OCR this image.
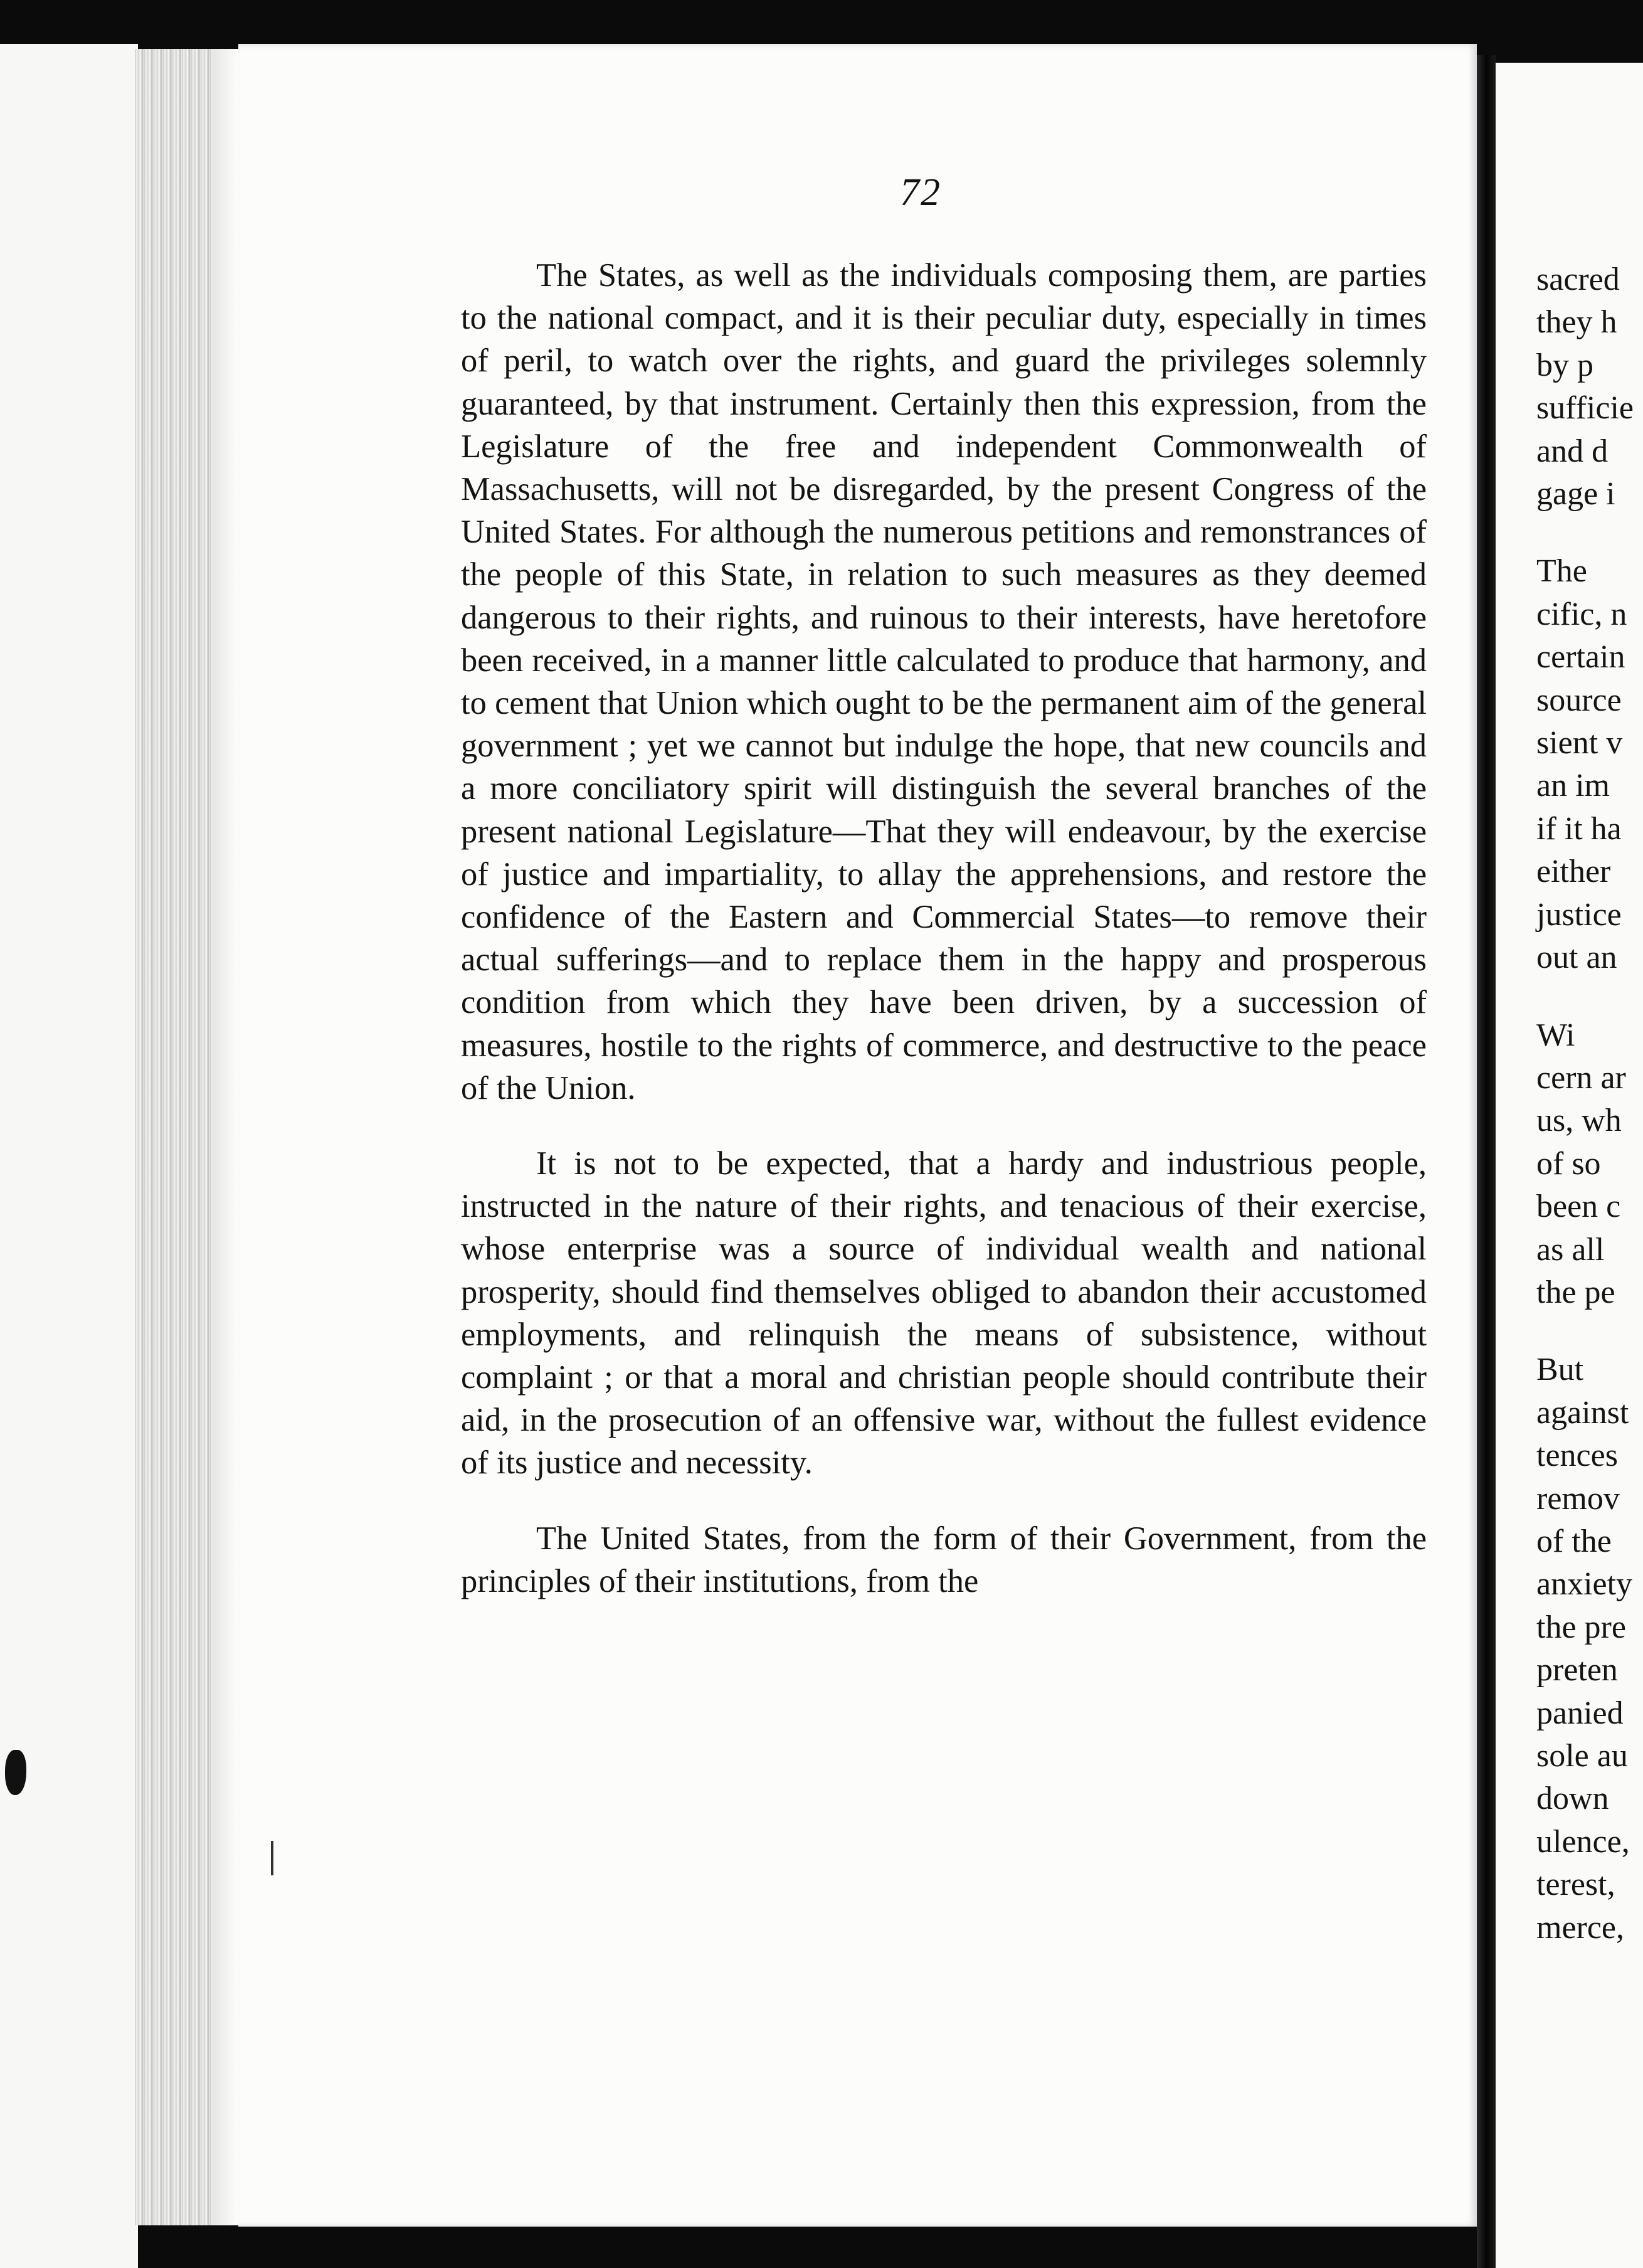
72

The States, as well as the individuals composing them, are parties to the national compact, and it is their peculiar duty, especially in times of peril, to watch over the rights, and guard the privileges solemnly guaranteed, by that instrument. Certainly then this expression, from the Legislature of the free and independent Commonwealth of Massachusetts, will not be disregarded, by the present Congress of the United States. For although the numerous petitions and remonstrances of the people of this State, in relation to such measures as they deemed dangerous to their rights, and ruinous to their interests, have heretofore been received, in a manner little calculated to produce that harmony, and to cement that Union which ought to be the permanent aim of the general government ; yet we cannot but indulge the hope, that new councils and a more conciliatory spirit will distinguish the several branches of the present national Legislature—That they will endeavour, by the exercise of justice and impartiality, to allay the apprehensions, and restore the confidence of the Eastern and Commercial States—to remove their actual sufferings—and to replace them in the happy and prosperous condition from which they have been driven, by a succession of measures, hostile to the rights of commerce, and destructive to the peace of the Union.

It is not to be expected, that a hardy and industrious people, instructed in the nature of their rights, and tenacious of their exercise, whose enterprise was a source of individual wealth and national prosperity, should find themselves obliged to abandon their accustomed employments, and relinquish the means of subsistence, without complaint ; or that a moral and christian people should contribute their aid, in the prosecution of an offensive war, without the fullest evidence of its justice and necessity.

The United States, from the form of their Government, from the principles of their institutions, from the

sacred
they h
by p
sufficie
and d
gage i
The
cific, n
certain
source
sient v
an im
if it ha
either
justice
out an
Wi
cern ar
us, wh
of so
been c
as all
the pe
But
against
tences
remov
of the
anxiety
the pre
preten
panied
sole au
down
ulence,
terest,
merce,
